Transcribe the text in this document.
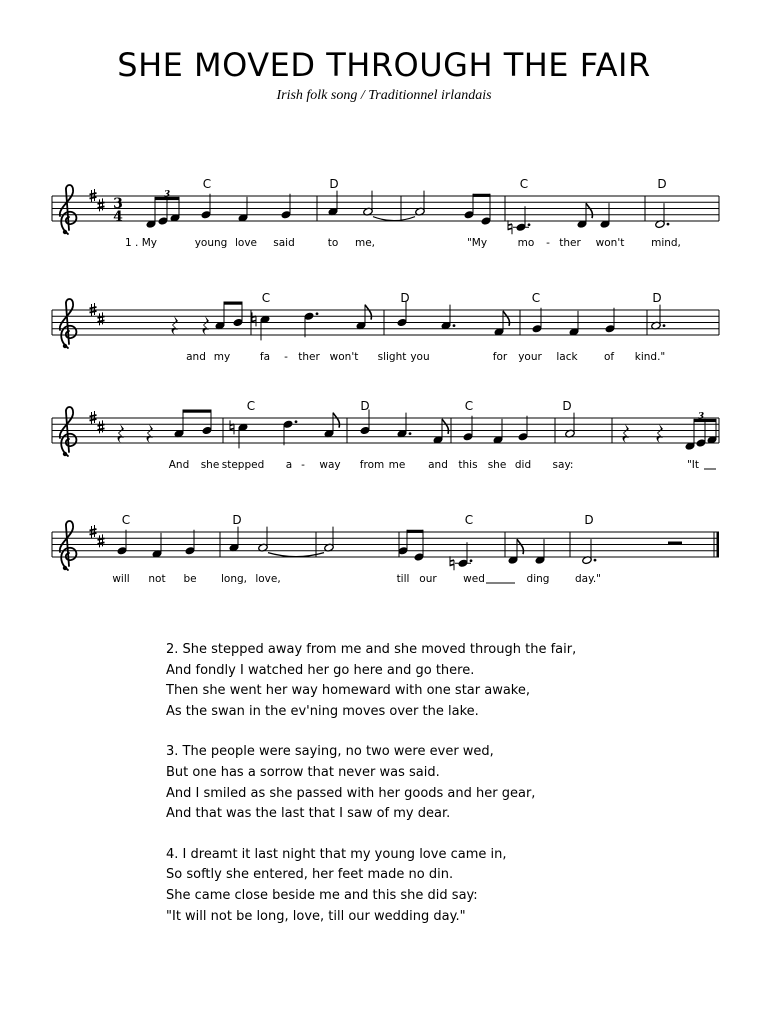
SHE MOVED THROUGH THE FAIR
Irish folk song / Traditionnel irlandais
3
4
3
C	D	C	D
1 . My	young love said	to me,	"My	mo - ther won't	mind,
C	D	C	D
and my	fa - ther won't slight you	for your lack	of kind."
3
C	D	C	D
And she stepped a - way from me and this she did say:	"It
C	D	C	D
will not be long, love,	till our	wed	ding day."
2. She stepped away from me and she moved through the fair,
And fondly I watched her go here and go there.
Then she went her way homeward with one star awake,
As the swan in the ev'ning moves over the lake.
3. The people were saying, no two were ever wed,
But one has a sorrow that never was said.
And I smiled as she passed with her goods and her gear,
And that was the last that I saw of my dear.
4. I dreamt it last night that my young love came in,
So softly she entered, her feet made no din.
She came close beside me and this she did say:
"It will not be long, love, till our wedding day."
